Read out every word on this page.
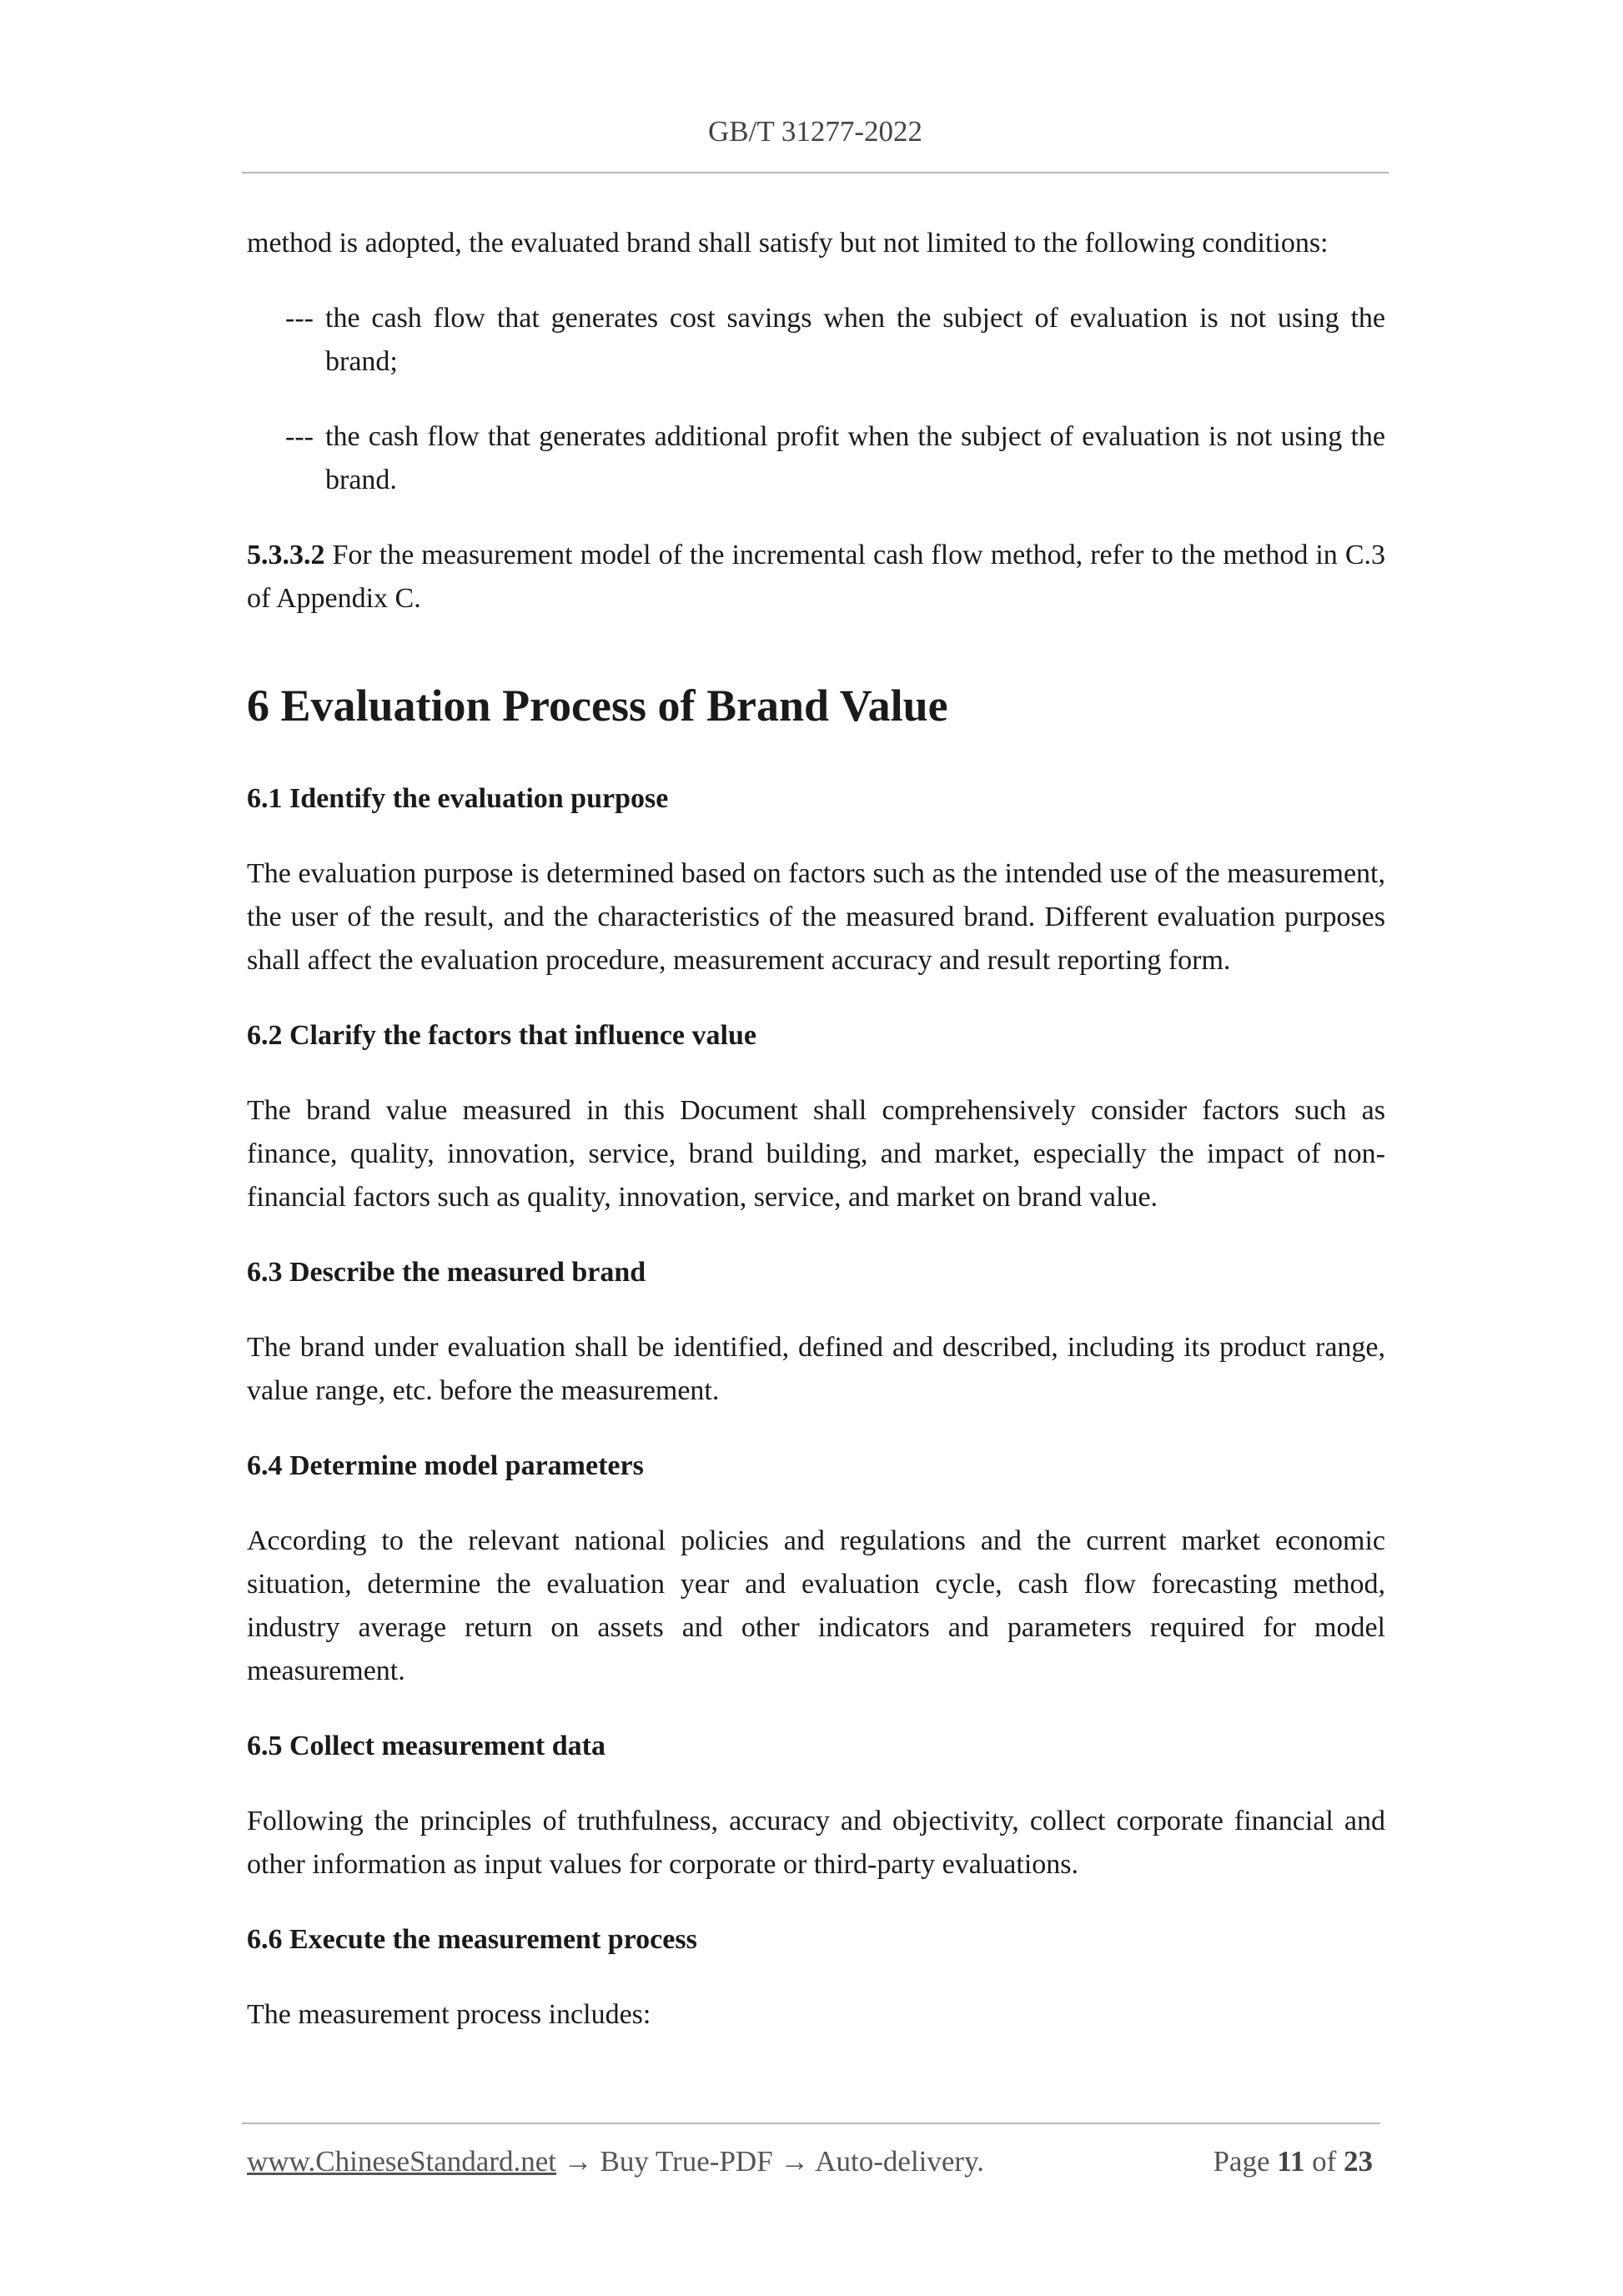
GB/T 31277-2022

method is adopted, the evaluated brand shall satisfy but not limited to the following conditions:

--- the cash flow that generates cost savings when the subject of evaluation is not using the brand;
--- the cash flow that generates additional profit when the subject of evaluation is not using the brand.

5.3.3.2 For the measurement model of the incremental cash flow method, refer to the method in C.3 of Appendix C.

6 Evaluation Process of Brand Value
6.1 Identify the evaluation purpose

The evaluation purpose is determined based on factors such as the intended use of the measurement, the user of the result, and the characteristics of the measured brand. Different evaluation purposes shall affect the evaluation procedure, measurement accuracy and result reporting form.

6.2 Clarify the factors that influence value

The brand value measured in this Document shall comprehensively consider factors such as finance, quality, innovation, service, brand building, and market, especially the impact of non-financial factors such as quality, innovation, service, and market on brand value.

6.3 Describe the measured brand

The brand under evaluation shall be identified, defined and described, including its product range, value range, etc. before the measurement.

6.4 Determine model parameters

According to the relevant national policies and regulations and the current market economic situation, determine the evaluation year and evaluation cycle, cash flow forecasting method, industry average return on assets and other indicators and parameters required for model measurement.

6.5 Collect measurement data

Following the principles of truthfulness, accuracy and objectivity, collect corporate financial and other information as input values for corporate or third-party evaluations.

6.6 Execute the measurement process

The measurement process includes:

www.ChineseStandard.net → Buy True-PDF → Auto-delivery.	Page 11 of 23
